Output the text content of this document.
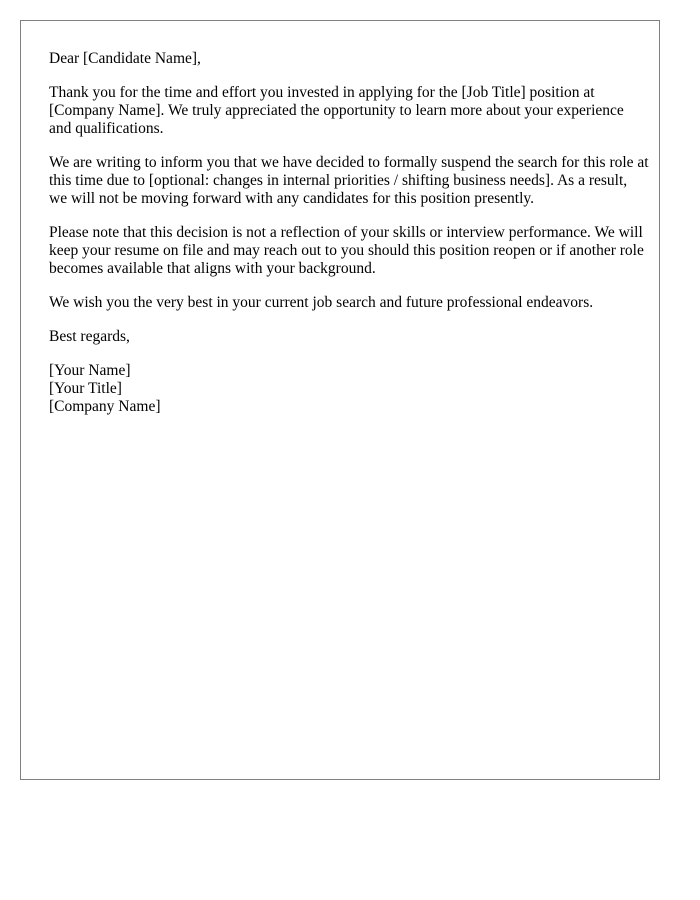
Dear [Candidate Name],

Thank you for the time and effort you invested in applying for the [Job Title] position at [Company Name]. We truly appreciated the opportunity to learn more about your experience and qualifications.

We are writing to inform you that we have decided to formally suspend the search for this role at this time due to [optional: changes in internal priorities / shifting business needs]. As a result, we will not be moving forward with any candidates for this position presently.

Please note that this decision is not a reflection of your skills or interview performance. We will keep your resume on file and may reach out to you should this position reopen or if another role becomes available that aligns with your background.

We wish you the very best in your current job search and future professional endeavors.

Best regards,

[Your Name]
[Your Title]
[Company Name]
